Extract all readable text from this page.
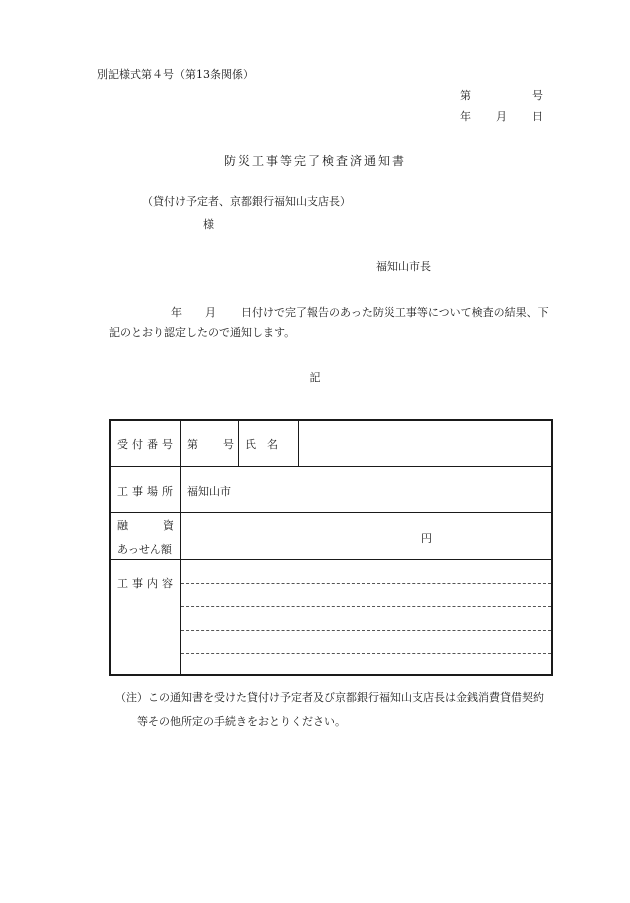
別記様式第４号（第13条関係）
第	号
年 月 日
防災工事等完了検査済通知書
（貸付け予定者、京都銀行福知山支店長）
様
福知山市長
年 月 日付けで完了報告のあった防災工事等について検査の結果、下
記のとおり認定したので通知します。
記
受付番号 第 号 氏　名
工事場所 福知山市
融	資
あっせん額
円
工事内容
（注）この通知書を受けた貸付け予定者及び京都銀行福知山支店長は金銭消費貸借契約
等その他所定の手続きをおとりください。
